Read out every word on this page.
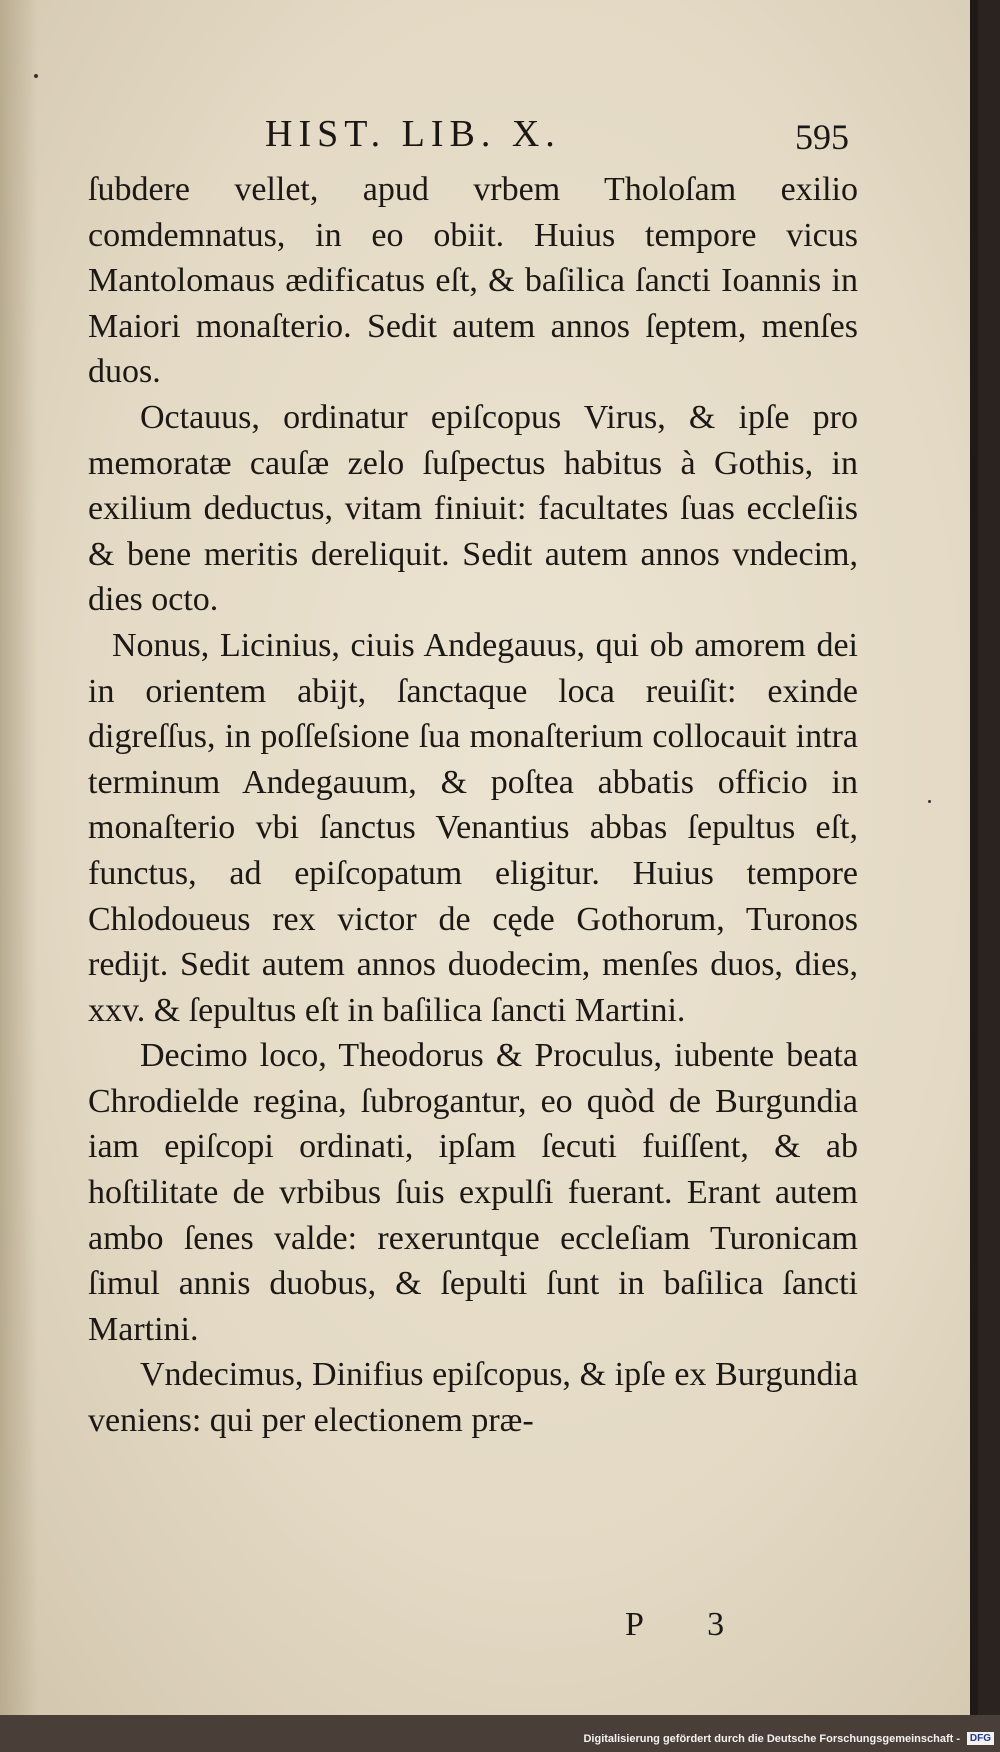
HIST. LIB. X.	595

ſubdere vellet, apud vrbem Tholoſam exilio comdemnatus, in eo obiit. Huius tempore vicus Mantolomaus ædificatus eſt, & baſilica ſancti Ioannis in Maiori monaſterio. Sedit autem annos ſeptem, menſes duos.

Octauus, ordinatur epiſcopus Virus, & ipſe pro memoratæ cauſæ zelo ſuſpectus habitus à Gothis, in exilium deductus, vitam finiuit: facultates ſuas eccleſiis & bene meritis dereliquit. Sedit autem annos vndecim, dies octo.

Nonus, Licinius, ciuis Andegauus, qui ob amorem dei in orientem abijt, ſanctaque loca reuiſit: exinde digreſſus, in poſſeſsione ſua monaſterium collocauit intra terminum Andegauum, & poſtea abbatis officio in monaſterio vbi ſanctus Venantius abbas ſepultus eſt, functus, ad epiſcopatum eligitur. Huius tempore Chlodoueus rex victor de cęde Gothorum, Turonos redijt. Sedit autem annos duodecim, menſes duos, dies, xxv. & ſepultus eſt in baſilica ſancti Martini.

Decimo loco, Theodorus & Proculus, iubente beata Chrodielde regina, ſubrogantur, eo quòd de Burgundia iam epiſcopi ordinati, ipſam ſecuti fuiſſent, & ab hoſtilitate de vrbibus ſuis expulſi fuerant. Erant autem ambo ſenes valde: rexeruntque eccleſiam Turonicam ſimul annis duobus, & ſepulti ſunt in baſilica ſancti Martini.

Vndecimus, Dinifius epiſcopus, & ipſe ex Burgundia veniens: qui per electionem præ-

P 3
Digitalisierung gefördert durch die Deutsche Forschungsgemeinschaft - DFG
